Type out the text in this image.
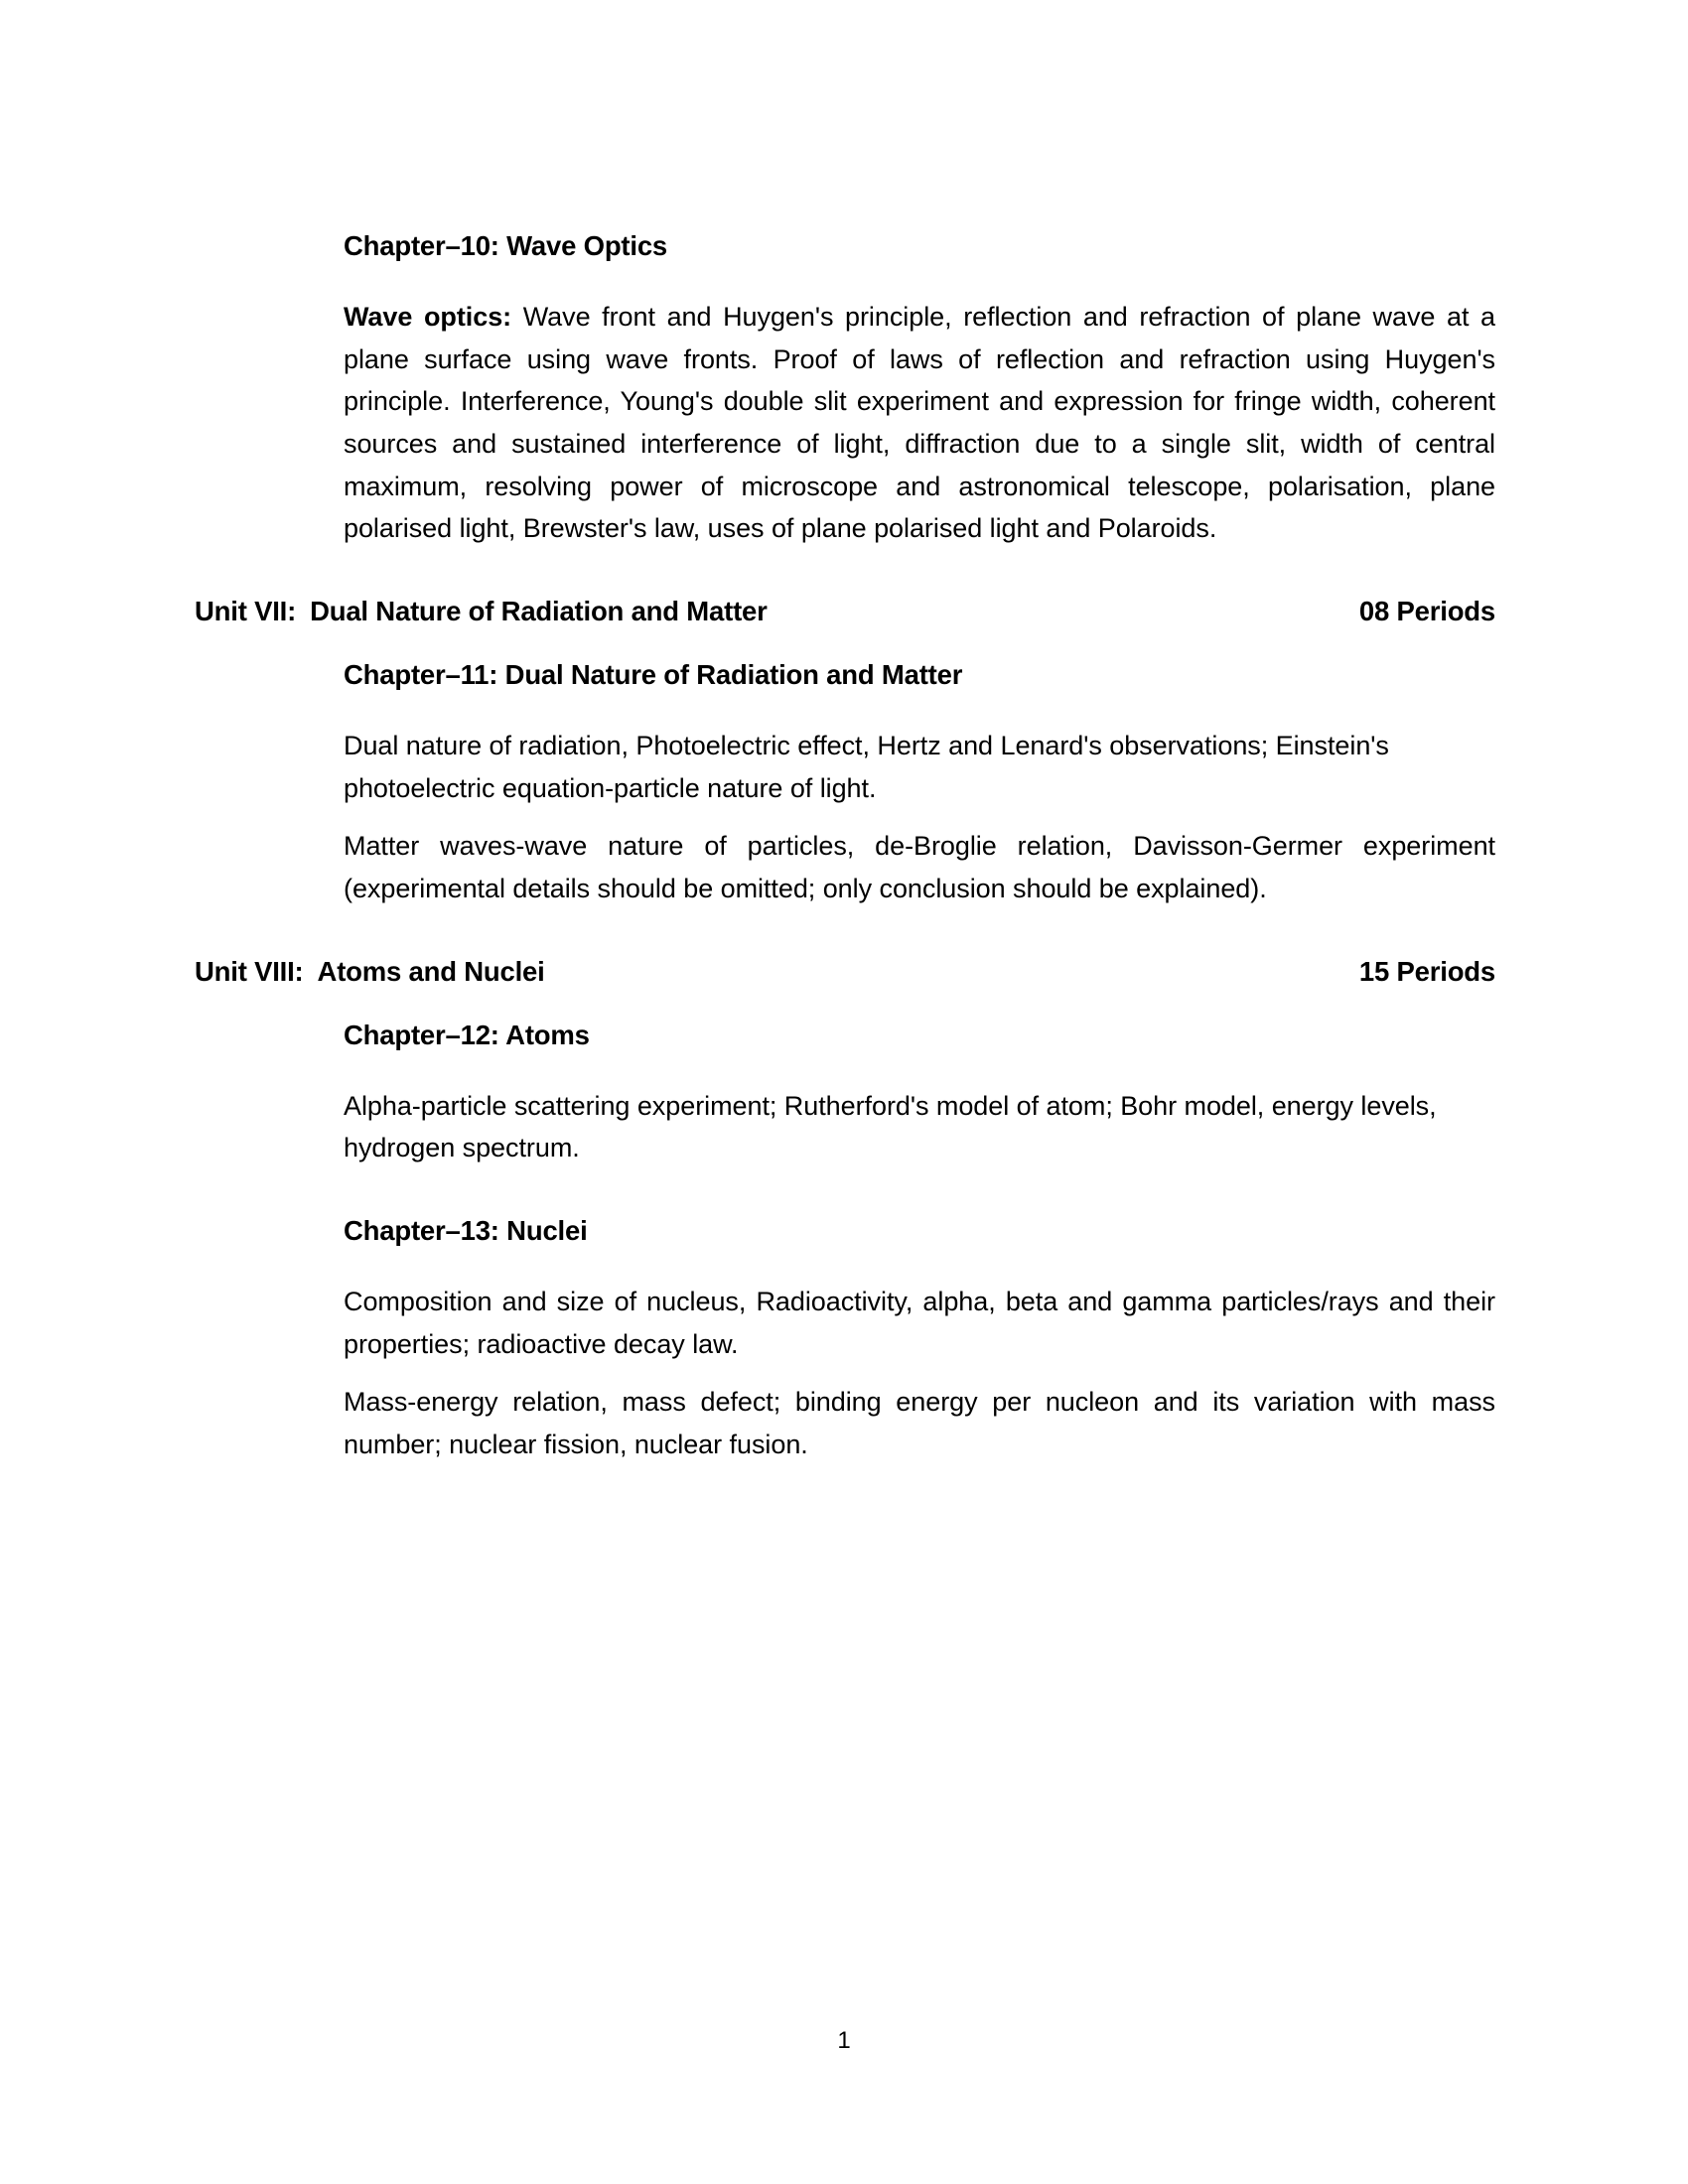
Chapter–10: Wave Optics

Wave optics: Wave front and Huygen's principle, reflection and refraction of plane wave at a plane surface using wave fronts. Proof of laws of reflection and refraction using Huygen's principle. Interference, Young's double slit experiment and expression for fringe width, coherent sources and sustained interference of light, diffraction due to a single slit, width of central maximum, resolving power of microscope and astronomical telescope, polarisation, plane polarised light, Brewster's law, uses of plane polarised light and Polaroids.

Unit VII: Dual Nature of Radiation and Matter	08 Periods
Chapter–11: Dual Nature of Radiation and Matter

Dual nature of radiation, Photoelectric effect, Hertz and Lenard's observations; Einstein's photoelectric equation-particle nature of light.

Matter waves-wave nature of particles, de-Broglie relation, Davisson-Germer experiment (experimental details should be omitted; only conclusion should be explained).

Unit VIII: Atoms and Nuclei	15 Periods
Chapter–12: Atoms

Alpha-particle scattering experiment; Rutherford's model of atom; Bohr model, energy levels, hydrogen spectrum.

Chapter–13: Nuclei

Composition and size of nucleus, Radioactivity, alpha, beta and gamma particles/rays and their properties; radioactive decay law.

Mass-energy relation, mass defect; binding energy per nucleon and its variation with mass number; nuclear fission, nuclear fusion.

1
